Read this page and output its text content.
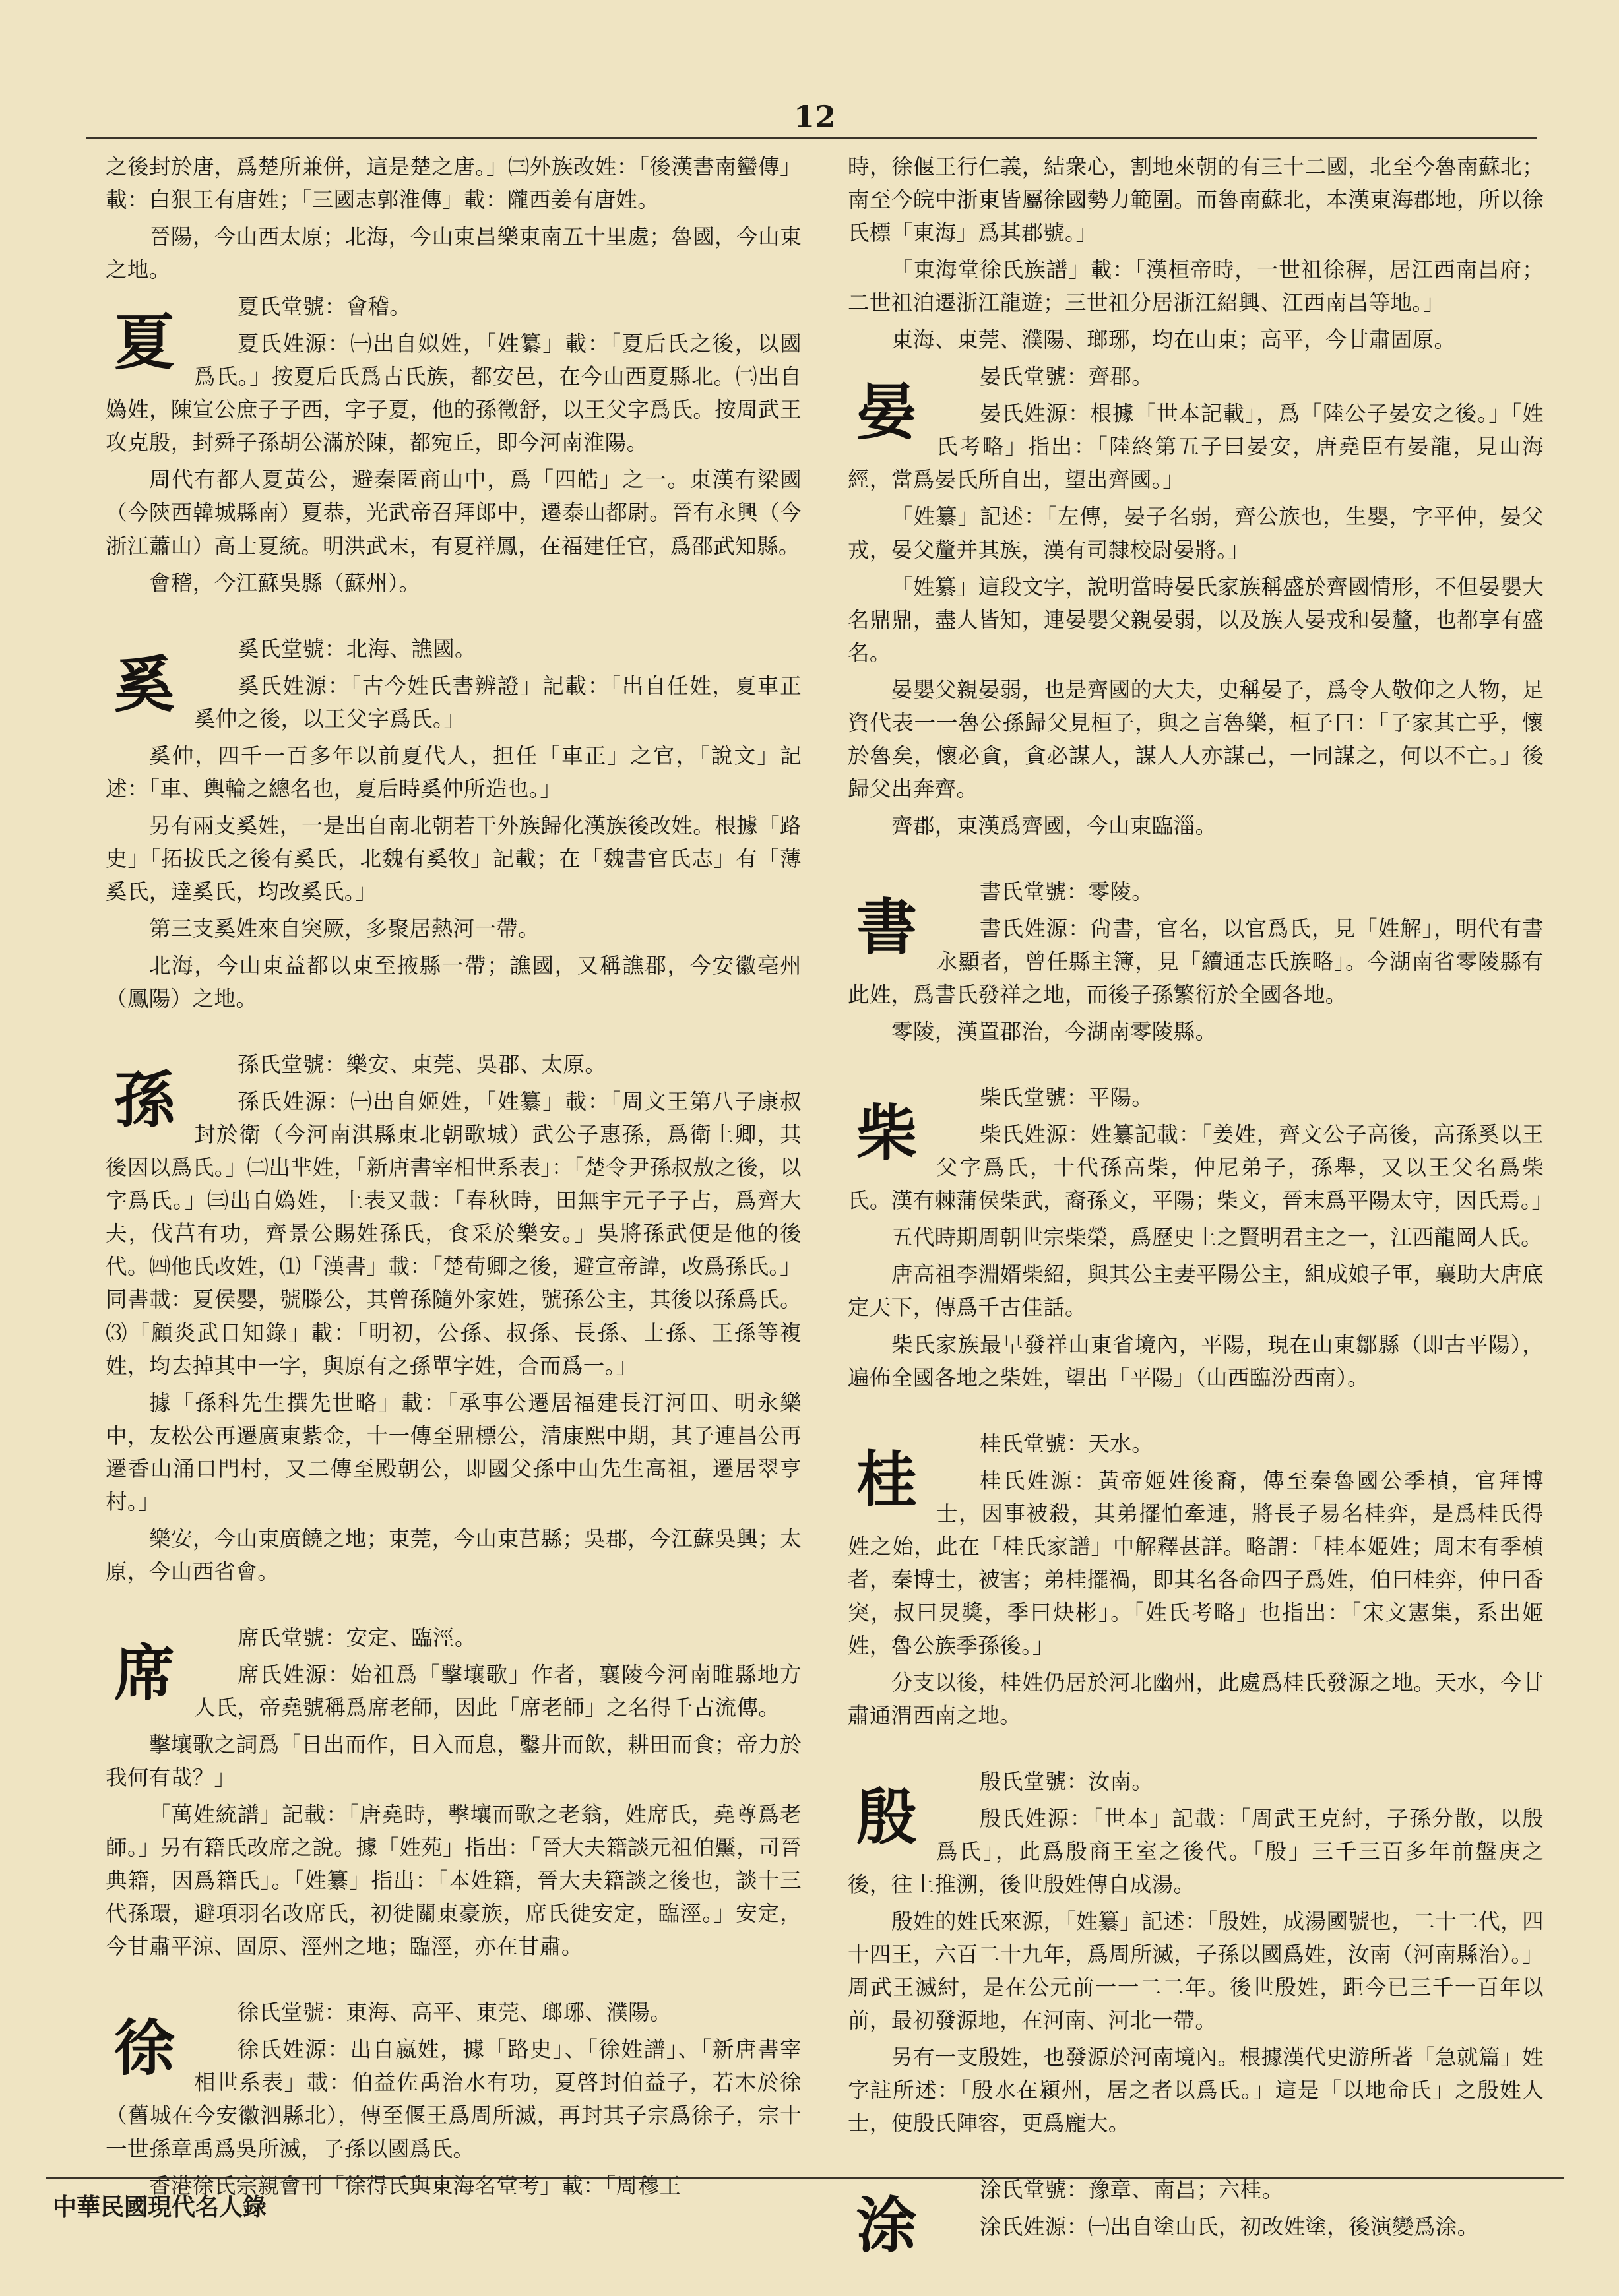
12

之後封於唐，爲楚所兼併，這是楚之唐。」㈢外族改姓：「後漢書南蠻傳」載：白狠王有唐姓；「三國志郭淮傳」載：隴西姜有唐姓。

晉陽，今山西太原；北海，今山東昌樂東南五十里處；魯國，今山東之地。

夏	夏氏堂號：會稽。

夏氏姓源：㈠出自姒姓，「姓纂」載：「夏后氏之後，以國爲氏。」按夏后氏爲古氏族，都安邑，在今山西夏縣北。㈡出自媯姓，陳宣公庶子子西，字子夏，他的孫徵舒，以王父字爲氏。按周武王攻克殷，封舜子孫胡公滿於陳，都宛丘，即今河南淮陽。

周代有都人夏黃公，避秦匿商山中，爲「四皓」之一。東漢有梁國（今陝西韓城縣南）夏恭，光武帝召拜郎中，遷泰山都尉。晉有永興（今浙江蕭山）高士夏統。明洪武末，有夏祥鳳，在福建任官，爲邵武知縣。

會稽，今江蘇吳縣（蘇州）。

奚	奚氏堂號：北海、譙國。

奚氏姓源：「古今姓氏書辨證」記載：「出自任姓，夏車正奚仲之後，以王父字爲氏。」

奚仲，四千一百多年以前夏代人，担任「車正」之官，「說文」記述：「車、輿輪之總名也，夏后時奚仲所造也。」

另有兩支奚姓，一是出自南北朝若干外族歸化漢族後改姓。根據「路史」「拓拔氏之後有奚氏，北魏有奚牧」記載；在「魏書官氏志」有「薄奚氏，達奚氏，均改奚氏。」

第三支奚姓來自突厥，多聚居熱河一帶。

北海，今山東益都以東至掖縣一帶；譙國，又稱譙郡，今安徽亳州（鳳陽）之地。

孫	孫氏堂號：樂安、東莞、吳郡、太原。

孫氏姓源：㈠出自姬姓，「姓纂」載：「周文王第八子康叔封於衛（今河南淇縣東北朝歌城）武公子惠孫，爲衛上卿，其後因以爲氏。」㈡出芈姓，「新唐書宰相世系表」：「楚令尹孫叔敖之後，以字爲氏。」㈢出自媯姓，上表又載：「春秋時，田無宇元子子占，爲齊大夫，伐莒有功，齊景公賜姓孫氏，食采於樂安。」吳將孫武便是他的後代。㈣他氏改姓，⑴「漢書」載：「楚荀卿之後，避宣帝諱，改爲孫氏。」同書載：夏侯嬰，號滕公，其曾孫隨外家姓，號孫公主，其後以孫爲氏。⑶「顧炎武日知錄」載：「明初，公孫、叔孫、長孫、士孫、王孫等複姓，均去掉其中一字，與原有之孫單字姓，合而爲一。」

據「孫科先生撰先世略」載：「承事公遷居福建長汀河田、明永樂中，友松公再遷廣東紫金，十一傳至鼎標公，清康熙中期，其子連昌公再遷香山涌口門村，又二傳至殿朝公，即國父孫中山先生高祖，遷居翠亨村。」

樂安，今山東廣饒之地；東莞，今山東莒縣；吳郡，今江蘇吳興；太原，今山西省會。

席	席氏堂號：安定、臨涇。

席氏姓源：始祖爲「擊壤歌」作者，襄陵今河南睢縣地方人氏，帝堯號稱爲席老師，因此「席老師」之名得千古流傳。

擊壤歌之詞爲「日出而作，日入而息，鑿井而飲，耕田而食；帝力於我何有哉？」

「萬姓統譜」記載：「唐堯時，擊壤而歌之老翁，姓席氏，堯尊爲老師。」另有籍氏改席之說。據「姓苑」指出：「晉大夫籍談元祖伯黶，司晉典籍，因爲籍氏」。「姓纂」指出：「本姓籍，晉大夫籍談之後也，談十三代孫環，避項羽名改席氏，初徙關東豪族，席氏徙安定，臨涇。」安定，今甘肅平涼、固原、涇州之地；臨涇，亦在甘肅。

徐	徐氏堂號：東海、高平、東莞、瑯琊、濮陽。

徐氏姓源：出自嬴姓，據「路史」、「徐姓譜」、「新唐書宰相世系表」載：伯益佐禹治水有功，夏啓封伯益子，若木於徐（舊城在今安徽泗縣北），傳至偃王爲周所滅，再封其子宗爲徐子，宗十一世孫章禹爲吳所滅，子孫以國爲氏。

香港徐氏宗親會刊「徐得氏與東海名堂考」載：「周穆王

時，徐偃王行仁義，結衆心，割地來朝的有三十二國，北至今魯南蘇北；南至今皖中浙東皆屬徐國勢力範圍。而魯南蘇北，本漢東海郡地，所以徐氏標「東海」爲其郡號。」

「東海堂徐氏族譜」載：「漢桓帝時，一世祖徐稺，居江西南昌府；二世祖泊遷浙江龍遊；三世祖分居浙江紹興、江西南昌等地。」

東海、東莞、濮陽、瑯琊，均在山東；高平，今甘肅固原。

晏	晏氏堂號：齊郡。

晏氏姓源：根據「世本記載」，爲「陸公子晏安之後。」「姓氏考略」指出：「陸終第五子曰晏安，唐堯臣有晏龍，見山海經，當爲晏氏所自出，望出齊國。」

「姓纂」記述：「左傳，晏子名弱，齊公族也，生嬰，字平仲，晏父戎，晏父釐并其族，漢有司隸校尉晏將。」

「姓纂」這段文字，說明當時晏氏家族稱盛於齊國情形，不但晏嬰大名鼎鼎，盡人皆知，連晏嬰父親晏弱，以及族人晏戎和晏釐，也都享有盛名。

晏嬰父親晏弱，也是齊國的大夫，史稱晏子，爲令人敬仰之人物，足資代表一一魯公孫歸父見桓子，與之言魯樂，桓子曰：「子家其亡乎，懷於魯矣，懷必貪，貪必謀人，謀人人亦謀己，一同謀之，何以不亡。」後歸父出奔齊。

齊郡，東漢爲齊國，今山東臨淄。

書	書氏堂號：零陵。

書氏姓源：尙書，官名，以官爲氏，見「姓解」，明代有書永顯者，曾任縣主簿，見「續通志氏族略」。今湖南省零陵縣有此姓，爲書氏發祥之地，而後子孫繁衍於全國各地。

零陵，漢置郡治，今湖南零陵縣。

柴	柴氏堂號：平陽。

柴氏姓源：姓纂記載：「姜姓，齊文公子高後，高孫奚以王父字爲氏，十代孫高柴，仲尼弟子，孫舉，又以王父名爲柴氏。漢有棘蒲侯柴武，裔孫文，平陽；柴文，晉末爲平陽太守，因氏焉。」

五代時期周朝世宗柴榮，爲歷史上之賢明君主之一，江西龍岡人氏。

唐高祖李淵婿柴紹，與其公主妻平陽公主，組成娘子軍，襄助大唐底定天下，傳爲千古佳話。

柴氏家族最早發祥山東省境內，平陽，現在山東鄒縣（即古平陽），遍佈全國各地之柴姓，望出「平陽」（山西臨汾西南）。

桂	桂氏堂號：天水。

桂氏姓源：黃帝姬姓後裔，傳至秦魯國公季楨，官拜博士，因事被殺，其弟擺怕牽連，將長子易名桂弈，是爲桂氏得姓之始，此在「桂氏家譜」中解釋甚詳。略謂：「桂本姬姓；周末有季楨者，秦博士，被害；弟桂擺禍，即其名各命四子爲姓，伯曰桂弈，仲曰香突，叔曰炅獎，季曰炔彬」。「姓氏考略」也指出：「宋文憲集，系出姬姓，魯公族季孫後。」

分支以後，桂姓仍居於河北幽州，此處爲桂氏發源之地。天水，今甘肅通渭西南之地。

殷	殷氏堂號：汝南。

殷氏姓源：「世本」記載：「周武王克紂，子孫分散，以殷爲氏」，此爲殷商王室之後代。「殷」三千三百多年前盤庚之後，往上推溯，後世殷姓傳自成湯。

殷姓的姓氏來源，「姓纂」記述：「殷姓，成湯國號也，二十二代，四十四王，六百二十九年，爲周所滅，子孫以國爲姓，汝南（河南縣治）。」周武王滅紂，是在公元前一一二二年。後世殷姓，距今已三千一百年以前，最初發源地，在河南、河北一帶。

另有一支殷姓，也發源於河南境內。根據漢代史游所著「急就篇」姓字註所述：「殷水在潁州，居之者以爲氏。」這是「以地命氏」之殷姓人士，使殷氏陣容，更爲龐大。

涂	涂氏堂號：豫章、南昌；六桂。

涂氏姓源：㈠出自塗山氏，初改姓塗，後演變爲涂。

中華民國現代名人錄
